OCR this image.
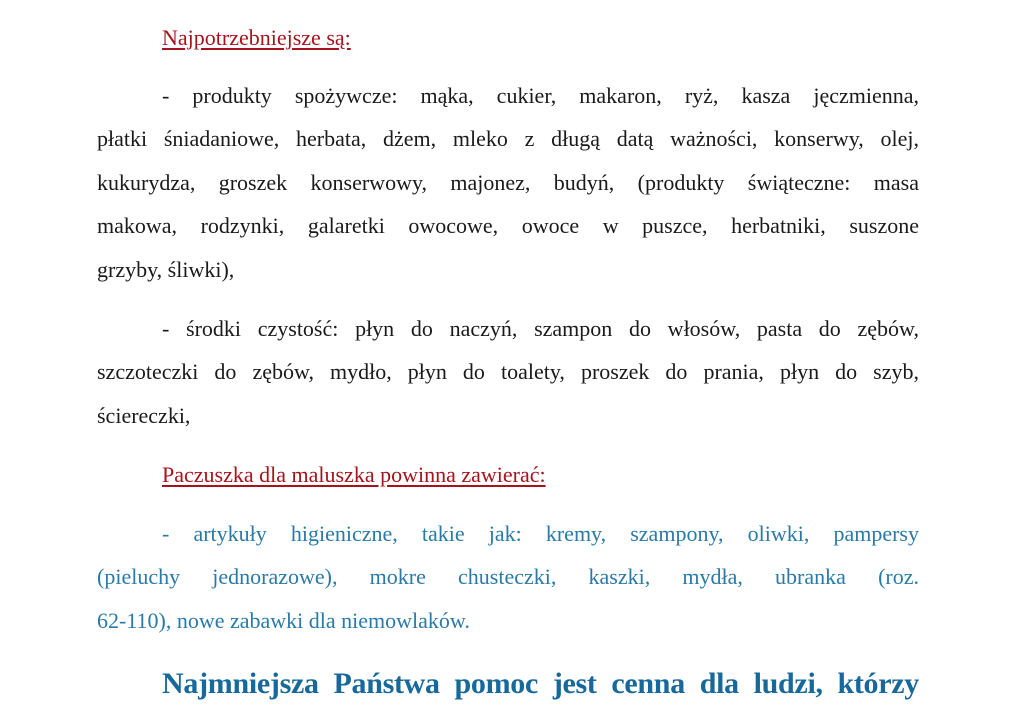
Najpotrzebniejsze są:
- produkty spożywcze: mąka, cukier, makaron, ryż, kasza jęczmienna,
płatki śniadaniowe, herbata, dżem, mleko z długą datą ważności, konserwy, olej,
kukurydza, groszek konserwowy, majonez, budyń, (produkty świąteczne: masa
makowa, rodzynki, galaretki owocowe, owoce w puszce, herbatniki, suszone
grzyby, śliwki),
- środki czystość: płyn do naczyń, szampon do włosów, pasta do zębów,
szczoteczki do zębów, mydło, płyn do toalety, proszek do prania, płyn do szyb,
ściereczki,
Paczuszka dla maluszka powinna zawierać:
- artykuły higieniczne, takie jak: kremy, szampony, oliwki, pampersy
(pieluchy jednorazowe), mokre chusteczki, kaszki, mydła, ubranka (roz.
62-110), nowe zabawki dla niemowlaków.
Najmniejsza Państwa pomoc jest cenna dla ludzi, którzy
